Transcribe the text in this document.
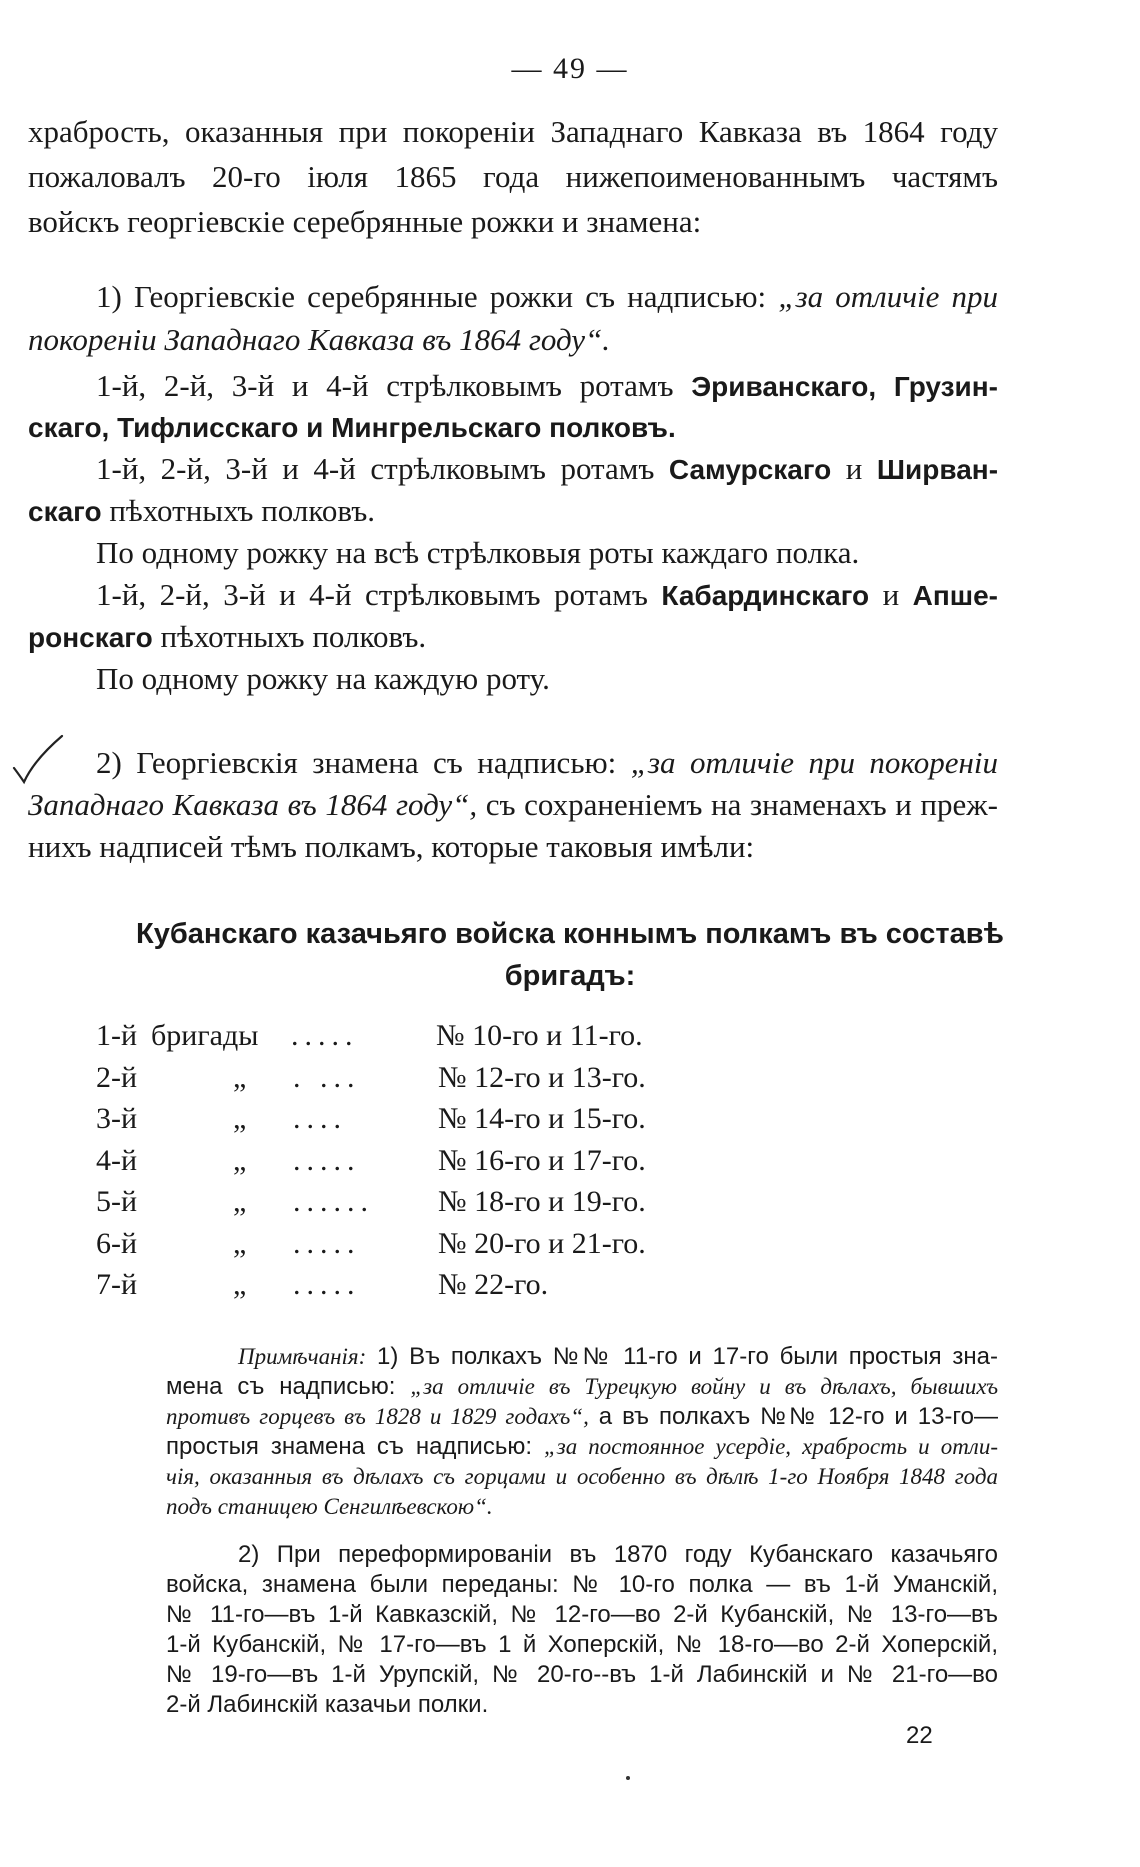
— 49 —
храбрость, оказанныя при покореніи Западнаго Кавказа въ 1864 году
пожаловалъ 20-го іюля 1865 года нижепоименованнымъ частямъ
войскъ георгіевскіе серебрянные рожки и знамена:
1) Георгіевскіе серебрянные рожки съ надписью: „за отличіе при
покореніи Западнаго Кавказа въ 1864 году“.
1-й, 2-й, 3-й и 4-й стрѣлковымъ ротамъ Эриванскаго, Грузин-
скаго, Тифлисскаго и Мингрельскаго полковъ.
1-й, 2-й, 3-й и 4-й стрѣлковымъ ротамъ Самурскаго и Ширван-
скаго пѣхотныхъ полковъ.
По одному рожку на всѣ стрѣлковыя роты каждаго полка.
1-й, 2-й, 3-й и 4-й стрѣлковымъ ротамъ Кабардинскаго и Апше-
ронскаго пѣхотныхъ полковъ.
По одному рожку на каждую роту.
2) Георгіевскія знамена съ надписью: „за отличіе при покореніи
Западнаго Кавказа въ 1864 году“, съ сохраненіемъ на знаменахъ и преж-
нихъ надписей тѣмъ полкамъ, которые таковыя имѣли:
Кубанскаго казачьяго войска коннымъ полкамъ въ составѣ
бригадъ:
1-й бригады	.....	№ 10-го и 11-го.
2-й	„	. ...	№ 12-го и 13-го.
3-й	„	....	№ 14-го и 15-го.
4-й	„	.....	№ 16-го и 17-го.
5-й	„	......	№ 18-го и 19-го.
6-й	„	.....	№ 20-го и 21-го.
7-й	„	.....	№ 22-го.
Примѣчанія: 1) Въ полкахъ №№ 11-го и 17-го были простыя зна-
мена съ надписью: „за отличіе въ Турецкую войну и въ дѣлахъ, бывшихъ
противъ горцевъ въ 1828 и 1829 годахъ“, а въ полкахъ №№ 12-го и 13-го—
простыя знамена съ надписью: „за постоянное усердіе, храбрость и отли-
чія, оказанныя въ дѣлахъ съ горцами и особенно въ дѣлѣ 1-го Ноября 1848 года
подъ станицею Сенгилѣевскою“.
2) При переформированіи въ 1870 году Кубанскаго казачьяго
войска, знамена были переданы: № 10-го полка — въ 1-й Уманскій,
№ 11-го—въ 1-й Кавказскій, № 12-го—во 2-й Кубанскій, № 13-го—въ
1-й Кубанскій, № 17-го—въ 1 й Хоперскій, № 18-го—во 2-й Хоперскій,
№ 19-го—въ 1-й Урупскій, № 20-го--въ 1-й Лабинскій и № 21-го—во
2-й Лабинскій казачьи полки.
22
